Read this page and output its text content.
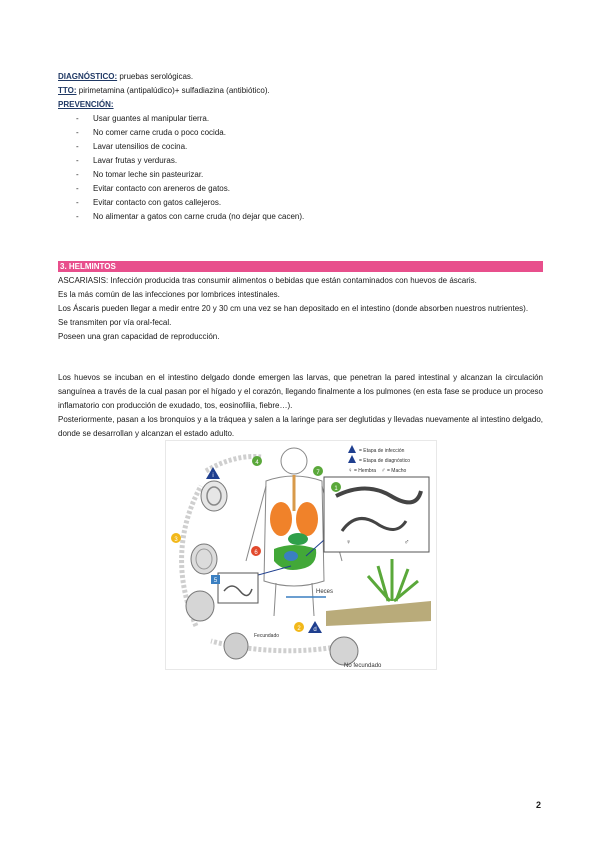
DIAGNÓSTICO: pruebas serológicas.

TTO: pirimetamina (antipalúdico)+ sulfadiazina (antibiótico).

PREVENCIÓN:

- Usar guantes al manipular tierra.
- No comer carne cruda o poco cocida.
- Lavar utensilios de cocina.
- Lavar frutas y verduras.
- No tomar leche sin pasteurizar.
- Evitar contacto con areneros de gatos.
- Evitar contacto con gatos callejeros.
- No alimentar a gatos con carne cruda (no dejar que cacen).
3. HELMINTOS

ASCARIASIS: Infección producida tras consumir alimentos o bebidas que están contaminados con huevos de áscaris.

Es la más común de las infecciones por lombrices intestinales.

Los Áscaris pueden llegar a medir entre 20 y 30 cm una vez se han depositado en el intestino (donde absorben nuestros nutrientes).

Se transmiten por vía oral-fecal.

Poseen una gran capacidad de reproducción.

Los huevos se incuban en el intestino delgado donde emergen las larvas, que penetran la pared intestinal y alcanzan la circulación sanguínea a través de la cual pasan por el hígado y el corazón, llegando finalmente a los pulmones (en esta fase se produce un proceso inflamatorio con producción de exudado, tos, eosinofilia, fiebre…).

Posteriormente, pasan a los bronquios y a la tráquea y salen a la laringe para ser deglutidas y llevadas nuevamente al intestino delgado, donde se desarrollan y alcanzan el estado adulto.

4
7
6
3
2
i
d
5
= Etapa de infección
= Etapa de diagnóstico
♀ = Hembra ♂ = Macho
1
♀	♂
Heces
Fecundado
No fecundado
2
